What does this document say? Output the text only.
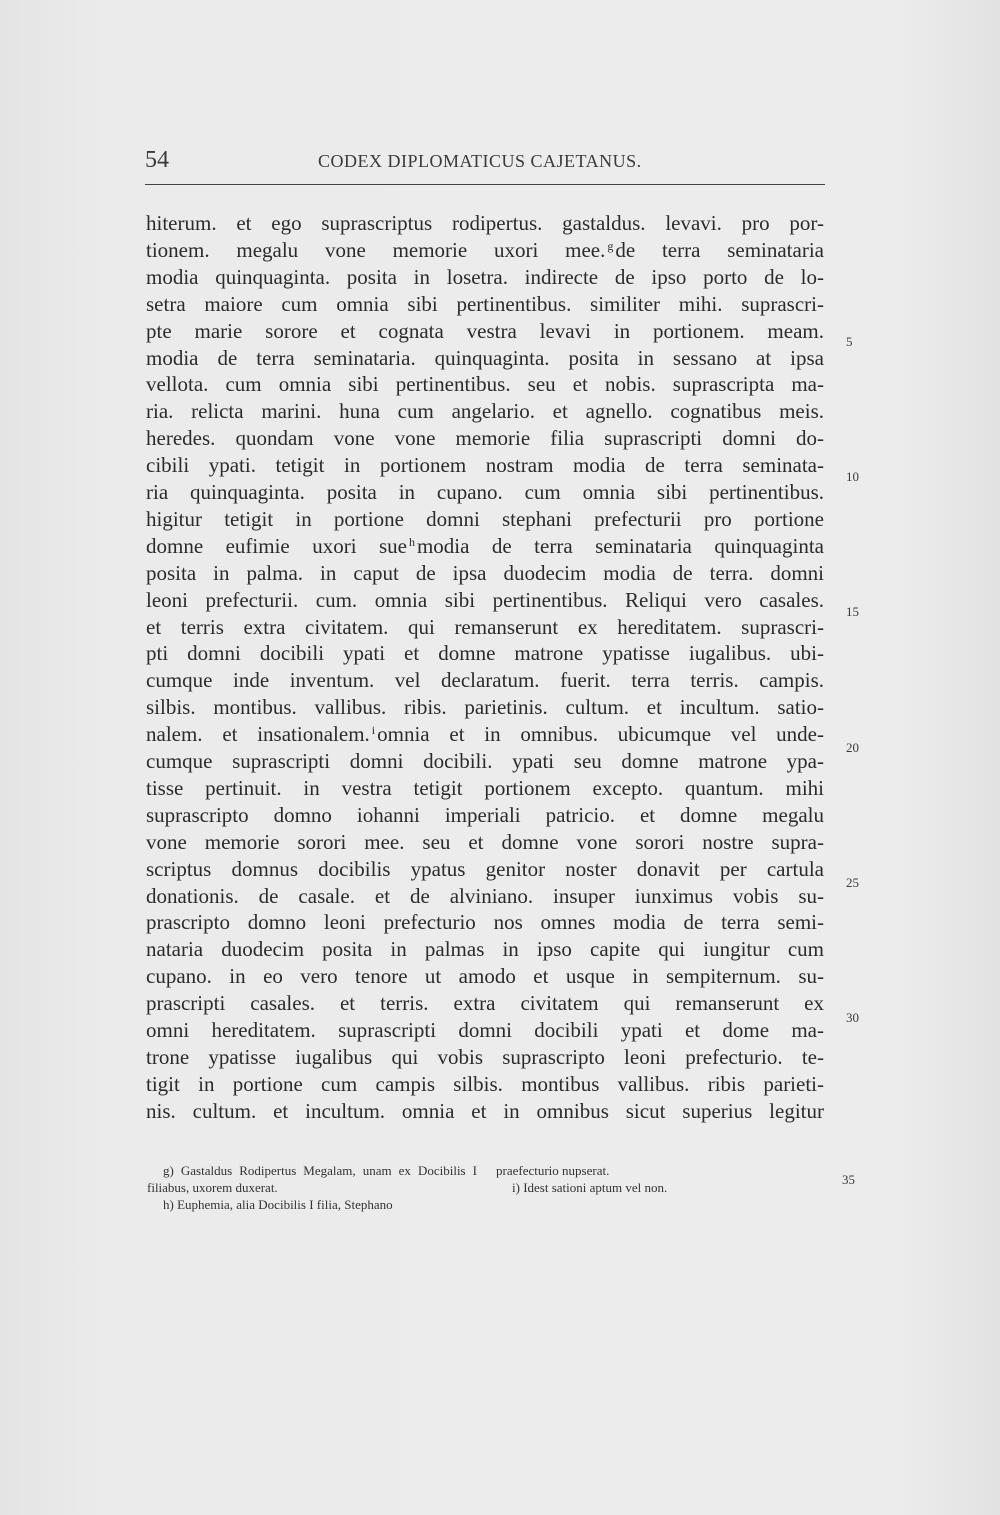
54	CODEX DIPLOMATICUS CAJETANUS.
hiterum. et ego suprascriptus rodipertus. gastaldus. levavi. pro por-
tionem. megalu vone memorie uxori mee. $^g$de terra seminataria
modia quinquaginta. posita in losetra. indirecte de ipso porto de lo-
setra maiore cum omnia sibi pertinentibus. similiter mihi. suprascri-
pte marie sorore et cognata vestra levavi in portionem. meam.
modia de terra seminataria. quinquaginta. posita in sessano at ipsa
vellota. cum omnia sibi pertinentibus. seu et nobis. suprascripta ma-
ria. relicta marini. huna cum angelario. et agnello. cognatibus meis.
heredes. quondam vone vone memorie filia suprascripti domni do-
cibili ypati. tetigit in portionem nostram modia de terra seminata-
ria quinquaginta. posita in cupano. cum omnia sibi pertinentibus.
higitur tetigit in portione domni stephani prefecturii pro portione
domne eufimie uxori sue $^h$modia de terra seminataria quinquaginta
posita in palma. in caput de ipsa duodecim modia de terra. domni
leoni prefecturii. cum. omnia sibi pertinentibus. Reliqui vero casales.
et terris extra civitatem. qui remanserunt ex hereditatem. suprascri-
pti domni docibili ypati et domne matrone ypatisse iugalibus. ubi-
cumque inde inventum. vel declaratum. fuerit. terra terris. campis.
silbis. montibus. vallibus. ribis. parietinis. cultum. et incultum. satio-
nalem. et insationalem. $^i$omnia et in omnibus. ubicumque vel unde-
cumque suprascripti domni docibili. ypati seu domne matrone ypa-
tisse pertinuit. in vestra tetigit portionem excepto. quantum. mihi
suprascripto domno iohanni imperiali patricio. et domne megalu
vone memorie sorori mee. seu et domne vone sorori nostre supra-
scriptus domnus docibilis ypatus genitor noster donavit per cartula
donationis. de casale. et de alviniano. insuper iunximus vobis su-
prascripto domno leoni prefecturio nos omnes modia de terra semi-
nataria duodecim posita in palmas in ipso capite qui iungitur cum
cupano. in eo vero tenore ut amodo et usque in sempiternum. su-
prascripti casales. et terris. extra civitatem qui remanserunt ex
omni hereditatem. suprascripti domni docibili ypati et dome ma-
trone ypatisse iugalibus qui vobis suprascripto leoni prefecturio. te-
tigit in portione cum campis silbis. montibus vallibus. ribis parieti-
nis. cultum. et incultum. omnia et in omnibus sicut superius legitur
5
10
15
20
25
30
g) Gastaldus Rodipertus Megalam, unam ex Docibilis I filiabus, uxorem duxerat.
h) Euphemia, alia Docibilis I filia, Stephano
praefecturio nupserat.
i) Idest sationi aptum vel non.
35
